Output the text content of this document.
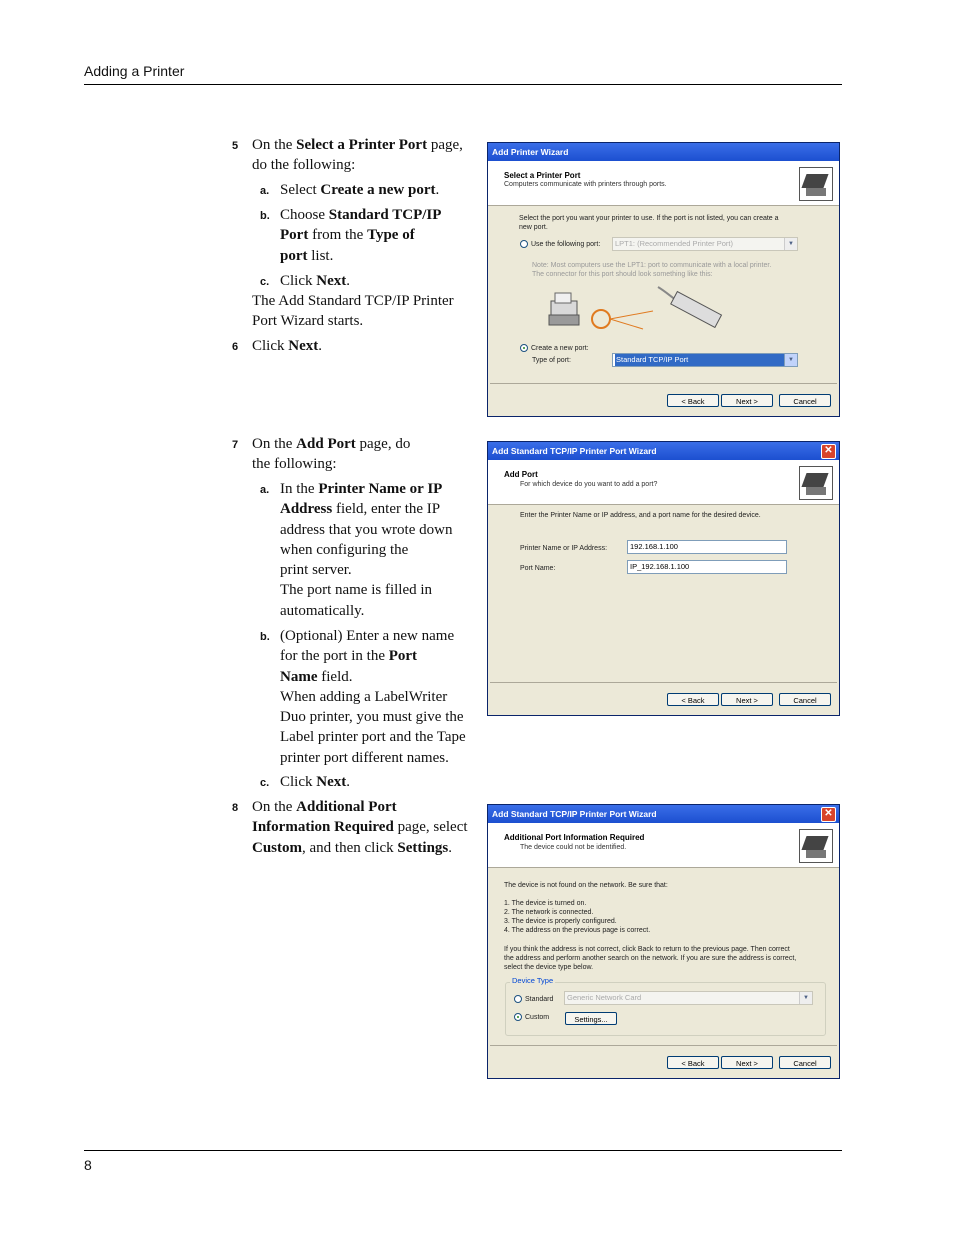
Adding a Printer
8
5 On the Select a Printer Port page,
do the following:
a. Select Create a new port.
b. Choose Standard TCP/IP
Port from the Type of
port list.
c. Click Next.
The Add Standard TCP/IP Printer
Port Wizard starts.
6 Click Next.
7 On the Add Port page, do
the following:
a. In the Printer Name or IP
Address field, enter the IP
address that you wrote down
when configuring the
print server.
The port name is filled in
automatically.
b. (Optional) Enter a new name
for the port in the Port
Name field.
When adding a LabelWriter
Duo printer, you must give the
Label printer port and the Tape
printer port different names.
c. Click Next.
8 On the Additional Port
Information Required page, select
Custom, and then click Settings.
Add Printer Wizard
Select a Printer Port
Computers communicate with printers through ports.
Select the port you want your printer to use. If the port is not listed, you can create a
new port.
Use the following port:	LPT1: (Recommended Printer Port)	▼
Note: Most computers use the LPT1: port to communicate with a local printer.
The connector for this port should look something like this:
Create a new port:
Type of port:	Standard TCP/IP Port	▼
< Back	Next >	Cancel
Add Standard TCP/IP Printer Port Wizard	✕
Add Port
For which device do you want to add a port?
Enter the Printer Name or IP address, and a port name for the desired device.
Printer Name or IP Address:	192.168.1.100
Port Name:	IP_192.168.1.100
< Back	Next >	Cancel
Add Standard TCP/IP Printer Port Wizard	✕
Additional Port Information Required
The device could not be identified.
The device is not found on the network. Be sure that:
1. The device is turned on.
2. The network is connected.
3. The device is properly configured.
4. The address on the previous page is correct.
If you think the address is not correct, click Back to return to the previous page. Then correct
the address and perform another search on the network. If you are sure the address is correct,
select the device type below.
Device Type
Standard	Generic Network Card	▼
Custom	Settings...
< Back	Next >	Cancel
